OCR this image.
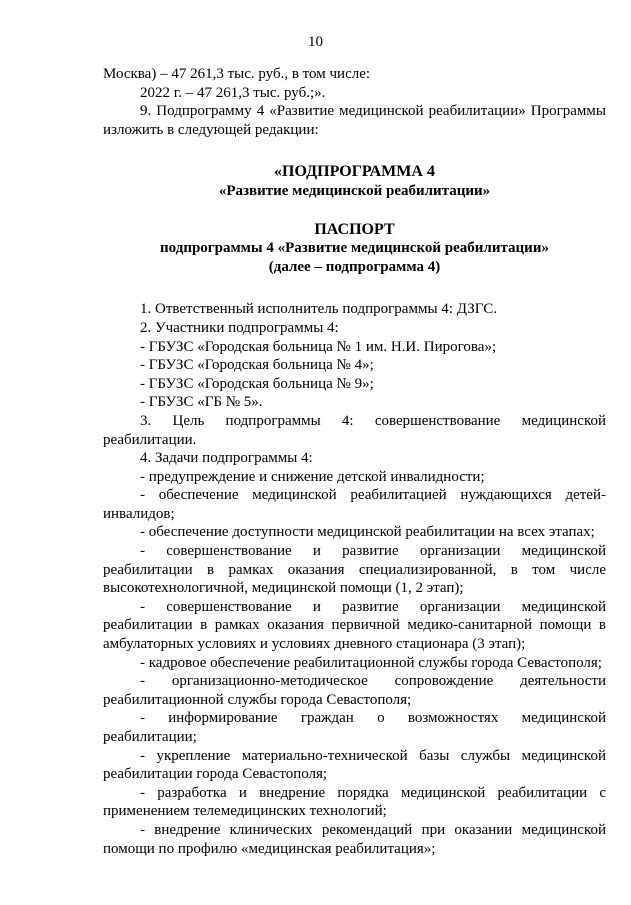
10

Москва) – 47 261,3 тыс. руб., в том числе:

2022 г. – 47 261,3 тыс. руб.;».

9. Подпрограмму 4 «Развитие медицинской реабилитации» Программы изложить в следующей редакции:

«ПОДПРОГРАММА 4

«Развитие медицинской реабилитации»

ПАСПОРТ

подпрограммы 4 «Развитие медицинской реабилитации»

(далее – подпрограмма 4)

1. Ответственный исполнитель подпрограммы 4: ДЗГС.

2. Участники подпрограммы 4:

- ГБУЗС «Городская больница № 1 им. Н.И. Пирогова»;

- ГБУЗС «Городская больница № 4»;

- ГБУЗС «Городская больница № 9»;

- ГБУЗС «ГБ № 5».

3. Цель подпрограммы 4: совершенствование медицинской реабилитации.

4. Задачи подпрограммы 4:

- предупреждение и снижение детской инвалидности;

- обеспечение медицинской реабилитацией нуждающихся детей-инвалидов;

- обеспечение доступности медицинской реабилитации на всех этапах;

- совершенствование и развитие организации медицинской реабилитации в рамках оказания специализированной, в том числе высокотехнологичной, медицинской помощи (1, 2 этап);

- совершенствование и развитие организации медицинской реабилитации в рамках оказания первичной медико-санитарной помощи в амбулаторных условиях и условиях дневного стационара (3 этап);

- кадровое обеспечение реабилитационной службы города Севастополя;

- организационно-методическое сопровождение деятельности реабилитационной службы города Севастополя;

- информирование граждан о возможностях медицинской реабилитации;

- укрепление материально-технической базы службы медицинской реабилитации города Севастополя;

- разработка и внедрение порядка медицинской реабилитации с применением телемедицинских технологий;

- внедрение клинических рекомендаций при оказании медицинской помощи по профилю «медицинская реабилитация»;
